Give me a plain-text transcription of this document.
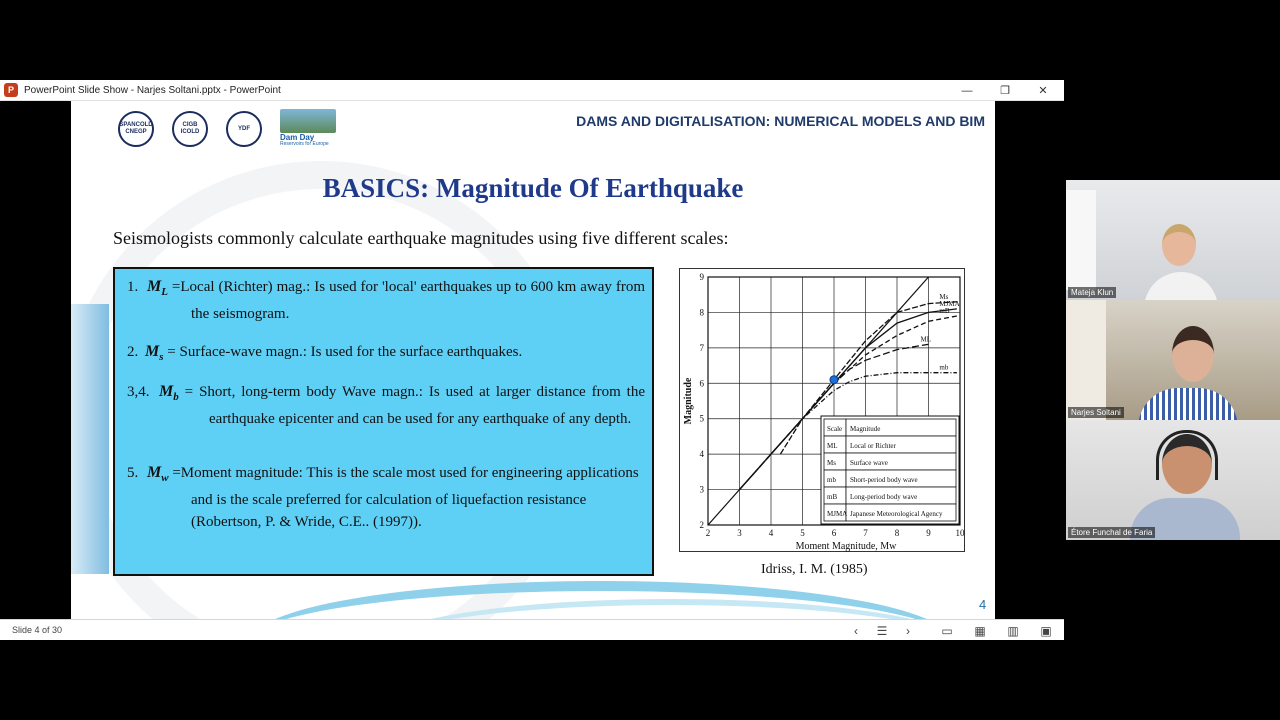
P	PowerPoint Slide Show - Narjes Soltani.pptx - PowerPoint	—	❐	✕
SPANCOLD CNEGP
CIGB ICOLD
YDF
Dam Day
Reservoirs for Europe
DAMS AND DIGITALISATION: NUMERICAL MODELS AND BIM
BASICS: Magnitude Of Earthquake
Seismologists commonly calculate earthquake magnitudes using five different scales:
1. $M_L$ =Local (Richter) mag.: Is used for 'local' earthquakes up to 600 km away from the seismogram.
2. $M_s$ = Surface-wave magn.: Is used for the surface earthquakes.
3,4. $M_b$ = Short, long-term body Wave magn.: Is used at larger distance from the earthquake epicenter and can be used for any earthquake of any depth.
5. $M_w$ =Moment magnitude: This is the scale most used for engineering applications and is the scale preferred for calculation of liquefaction resistance (Robertson, P. & Wride, C.E.. (1997)).
2	3	4	5	6	7	8	9	10
2
3
4
5
6
7
8
9
Ms
MJMA
mB
ML
mb
Scale Magnitude
ML Local or Richter
Ms Surface wave
mb Short-period body wave
mB Long-period body wave
MJMA Japanese Meteorological Agency
Moment Magnitude, Mw
Magnitude
Idriss, I. M. (1985)
4
Slide 4 of 30	‹	☰	›	▭ ▦ ▥ ▣
Mateja Klun
Narjes Soltani
Étore Funchal de Faria
